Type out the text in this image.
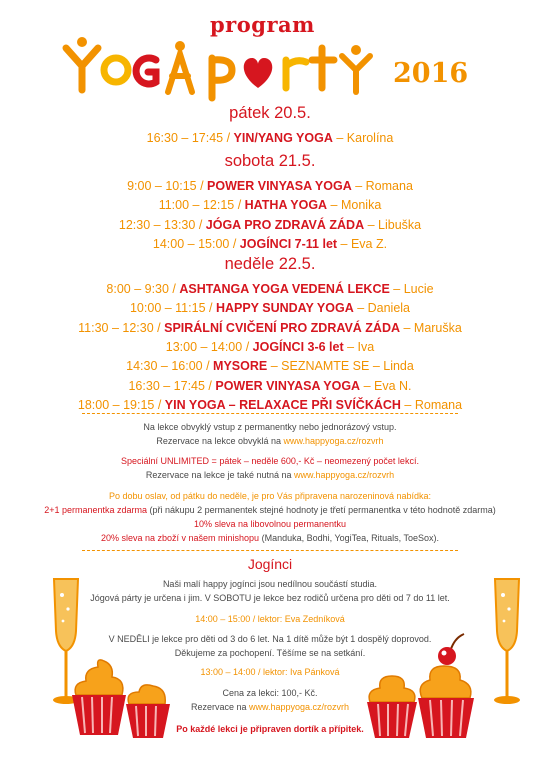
program
2016
pátek 20.5.
16:30 – 17:45 / YIN/YANG YOGA – Karolína
sobota 21.5.
9:00 – 10:15 / POWER VINYASA YOGA – Romana
11:00 – 12:15 / HATHA YOGA – Monika
12:30 – 13:30 / JÓGA PRO ZDRAVÁ ZÁDA – Libuška
14:00 – 15:00 / JOGÍNCI 7-11 let – Eva Z.
neděle 22.5.
8:00 – 9:30 / ASHTANGA YOGA VEDENÁ LEKCE – Lucie
10:00 – 11:15 / HAPPY SUNDAY YOGA – Daniela
11:30 – 12:30 / SPIRÁLNÍ CVIČENÍ PRO ZDRAVÁ ZÁDA – Maruška
13:00 – 14:00 / JOGÍNCI 3-6 let – Iva
14:30 – 16:00 / MYSORE – SEZNAMTE SE – Linda
16:30 – 17:45 / POWER VINYASA YOGA – Eva N.
18:00 – 19:15 / YIN YOGA – RELAXACE PŘI SVÍČKÁCH – Romana
Na lekce obvyklý vstup z permanentky nebo jednorázový vstup.
Rezervace na lekce obvyklá na www.happyoga.cz/rozvrh
Speciální UNLIMITED = pátek – neděle 600,- Kč – neomezený počet lekcí.
Rezervace na lekce je také nutná na www.happyoga.cz/rozvrh
Po dobu oslav, od pátku do neděle, je pro Vás připravena narozeninová nabídka:
2+1 permanentka zdarma (při nákupu 2 permanentek stejné hodnoty je třetí permanentka v této hodnotě zdarma)
10% sleva na libovolnou permanentku
20% sleva na zboží v našem minishopu (Manduka, Bodhi, YogiTea, Rituals, ToeSox).
Jogínci
Naši malí happy jogínci jsou nedílnou součástí studia.
Jógová párty je určena i jim. V SOBOTU je lekce bez rodičů určena pro děti od 7 do 11 let.
14:00 – 15:00 / lektor: Eva Zedníková
V NEDĚLI je lekce pro děti od 3 do 6 let. Na 1 dítě může být 1 dospělý doprovod.
Děkujeme za pochopení. Těšíme se na setkání.
13:00 – 14:00 / lektor: Iva Pánková
Cena za lekci: 100,- Kč.
Rezervace na www.happyoga.cz/rozvrh
Po každé lekci je připraven dortík a přípitek.
